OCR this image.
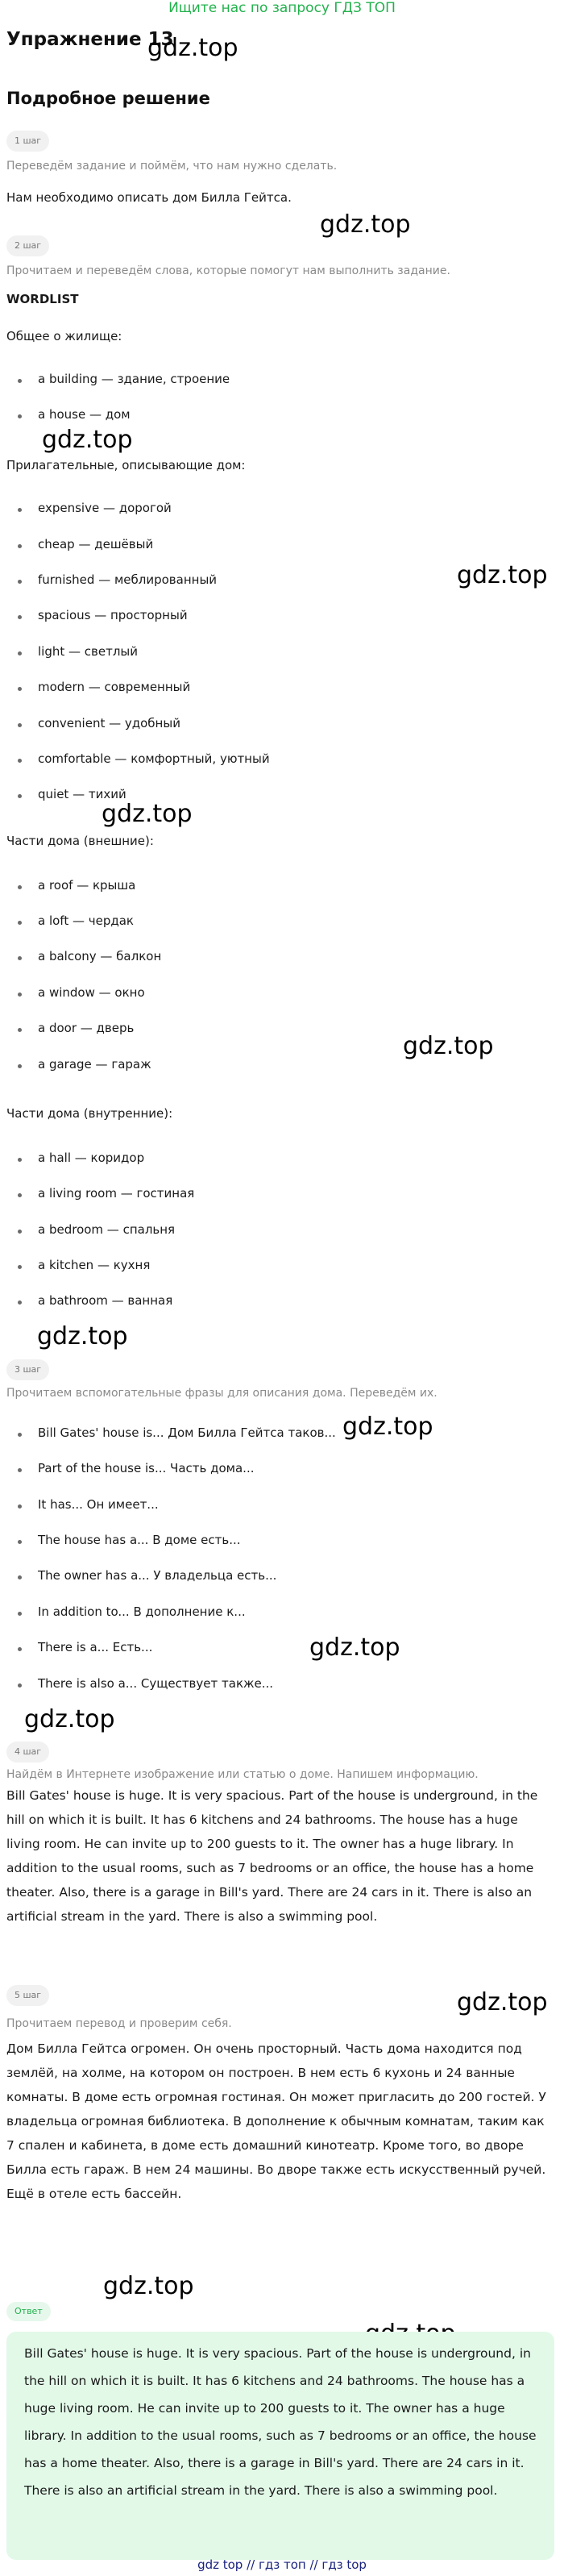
Ищите нас по запросу ГДЗ ТОП
Упражнение 13
gdz.top
Подробное решение
1 шаг
Переведём задание и поймём, что нам нужно сделать.
Нам необходимо описать дом Билла Гейтса.
gdz.top
2 шаг
Прочитаем и переведём слова, которые помогут нам выполнить задание.
WORDLIST
Общее о жилище:
a building — здание, строение
a house — дом
gdz.top
Прилагательные, описывающие дом:
expensive — дорогой
cheap — дешёвый
furnished — меблированный	gdz.top
spacious — просторный
light — светлый
modern — современный
convenient — удобный
comfortable — комфортный, уютный
quiet — тихий
gdz.top
Части дома (внешние):
a roof — крыша
a loft — чердак
a balcony — балкон
a window — окно
a door — дверь
gdz.top
a garage — гараж
Части дома (внутренние):
a hall — коридор
a living room — гостиная
a bedroom — спальня
a kitchen — кухня
a bathroom — ванная
gdz.top
3 шаг
Прочитаем вспомогательные фразы для описания дома. Переведём их.
Bill Gates' house is... Дом Билла Гейтса таков... gdz.top
Part of the house is... Часть дома...
It has... Он имеет...
The house has a... В доме есть...
The owner has a... У владельца есть...
In addition to... В дополнение к...
gdz.top
There is a... Есть...
There is also a... Существует также...
gdz.top
4 шаг
Найдём в Интернете изображение или статью о доме. Напишем информацию.
Bill Gates' house is huge. It is very spacious. Part of the house is underground, in the hill on which it is built. It has 6 kitchens and 24 bathrooms. The house has a huge living room. He can invite up to 200 guests to it. The owner has a huge library. In addition to the usual rooms, such as 7 bedrooms or an office, the house has a home theater. Also, there is a garage in Bill's yard. There are 24 cars in it. There is also an artificial stream in the yard. There is also a swimming pool.
5 шаг	gdz.top
Прочитаем перевод и проверим себя.
Дом Билла Гейтса огромен. Он очень просторный. Часть дома находится под землёй, на холме, на котором он построен. В нем есть 6 кухонь и 24 ванные комнаты. В доме есть огромная гостиная. Он может пригласить до 200 гостей. У владельца огромная библиотека. В дополнение к обычным комнатам, таким как 7 спален и кабинета, в доме есть домашний кинотеатр. Кроме того, во дворе Билла есть гараж. В нем 24 машины. Во дворе также есть искусственный ручей. Ещё в отеле есть бассейн.
gdz.top
Ответ
Bill Gates' house is huge. It is very spacious. Part of the house is underground, in the hill on which it is built. It has 6 kitchens and 24 bathrooms. The house has a huge living room. He can invite up to 200 guests to it. The owner has a huge library. In addition to the usual rooms, such as 7 bedrooms or an office, the house has a home theater. Also, there is a garage in Bill's yard. There are 24 cars in it. There is also an artificial stream in the yard. There is also a swimming pool.
gdz top // гдз топ // гдз top
